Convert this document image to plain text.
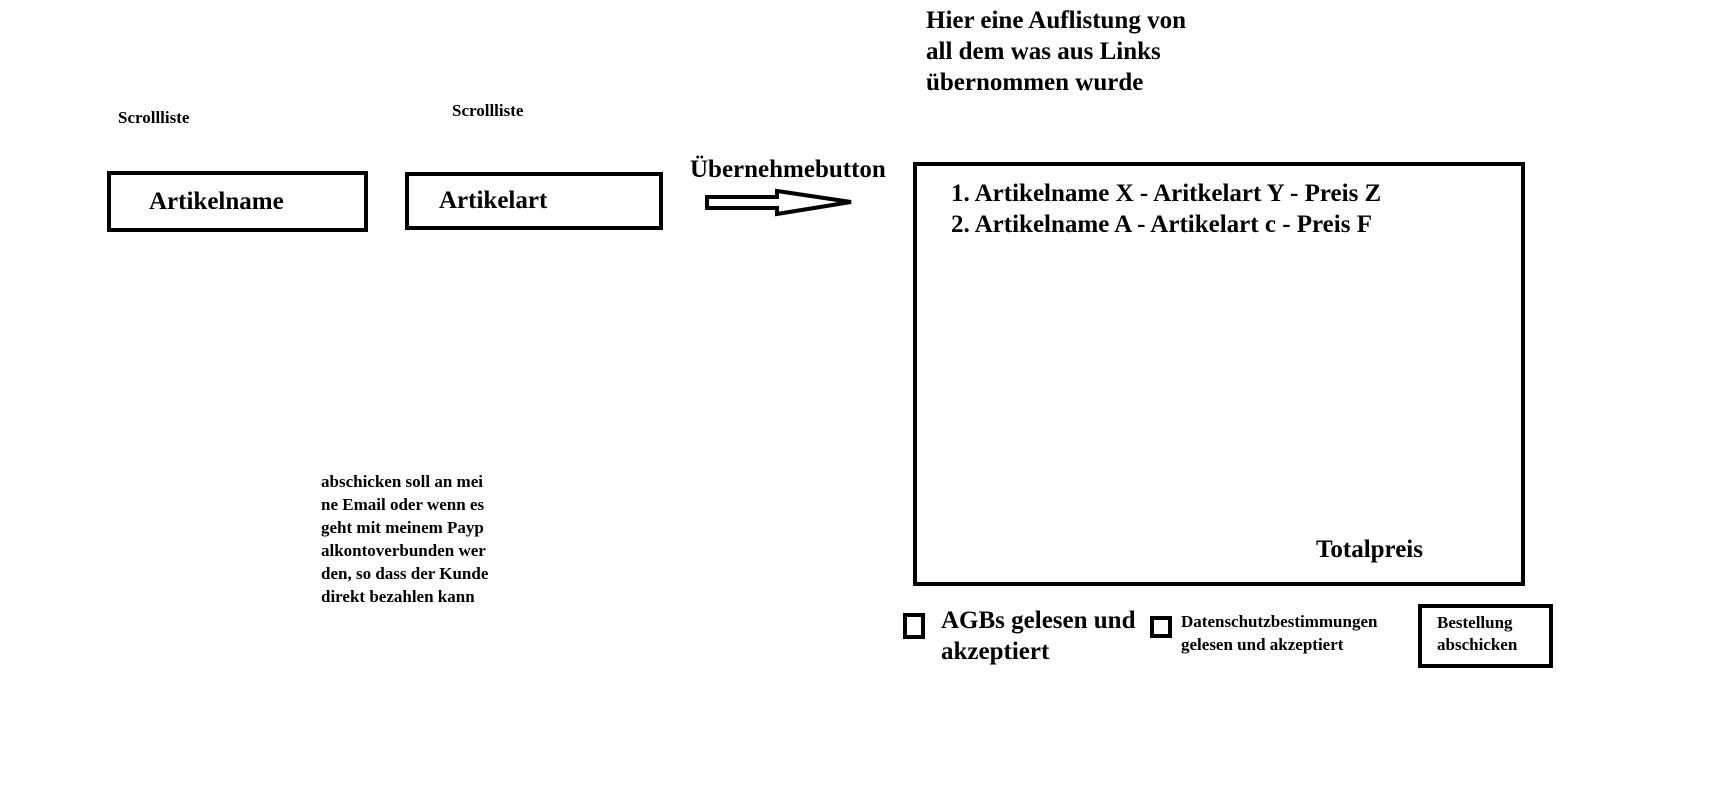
Scrollliste	Scrollliste
Artikelname	Artikelart
Übernehmebutton
Hier eine Auflistung von all dem was aus Links übernommen wurde
1. Artikelname X - Aritkelart Y - Preis Z
2. Artikelname A - Artikelart c - Preis F
Totalpreis
abschicken soll an meine Email oder wenn es geht mit meinem Paypalkontoverbunden werden, so dass der Kunde direkt bezahlen kann
AGBs gelesen und akzeptiert
Datenschutzbestimmungen gelesen und akzeptiert
Bestellung abschicken
